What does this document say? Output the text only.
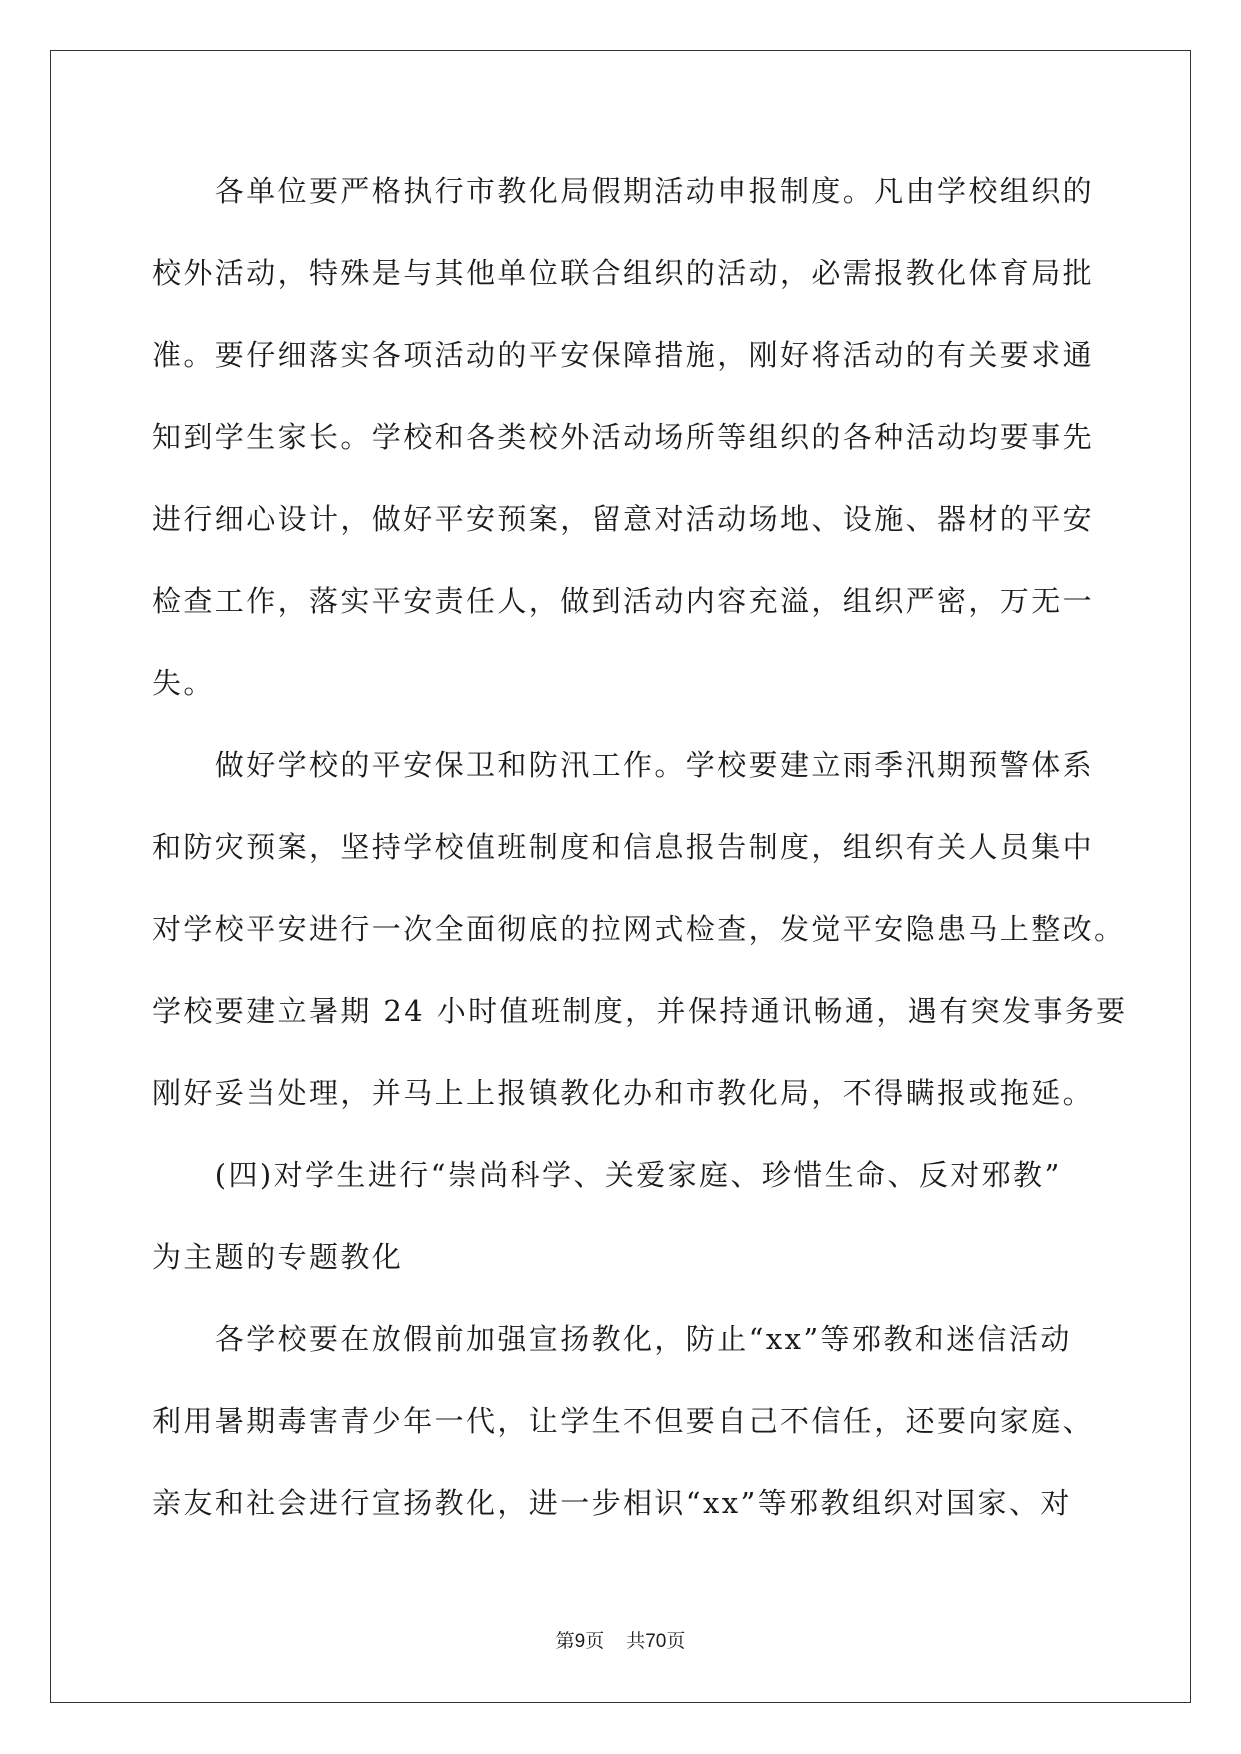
　　各单位要严格执行市教化局假期活动申报制度。凡由学校组织的
校外活动，特殊是与其他单位联合组织的活动，必需报教化体育局批
准。要仔细落实各项活动的平安保障措施，刚好将活动的有关要求通
知到学生家长。学校和各类校外活动场所等组织的各种活动均要事先
进行细心设计，做好平安预案，留意对活动场地、设施、器材的平安
检查工作，落实平安责任人，做到活动内容充溢，组织严密，万无一
失。
　　做好学校的平安保卫和防汛工作。学校要建立雨季汛期预警体系
和防灾预案，坚持学校值班制度和信息报告制度，组织有关人员集中
对学校平安进行一次全面彻底的拉网式检查，发觉平安隐患马上整改。
学校要建立暑期 24 小时值班制度，并保持通讯畅通，遇有突发事务要
刚好妥当处理，并马上上报镇教化办和市教化局，不得瞒报或拖延。
　　(四)对学生进行“崇尚科学、关爱家庭、珍惜生命、反对邪教”
为主题的专题教化
　　各学校要在放假前加强宣扬教化，防止“xx”等邪教和迷信活动
利用暑期毒害青少年一代，让学生不但要自己不信任，还要向家庭、
亲友和社会进行宣扬教化，进一步相识“xx”等邪教组织对国家、对
第9页 共70页
